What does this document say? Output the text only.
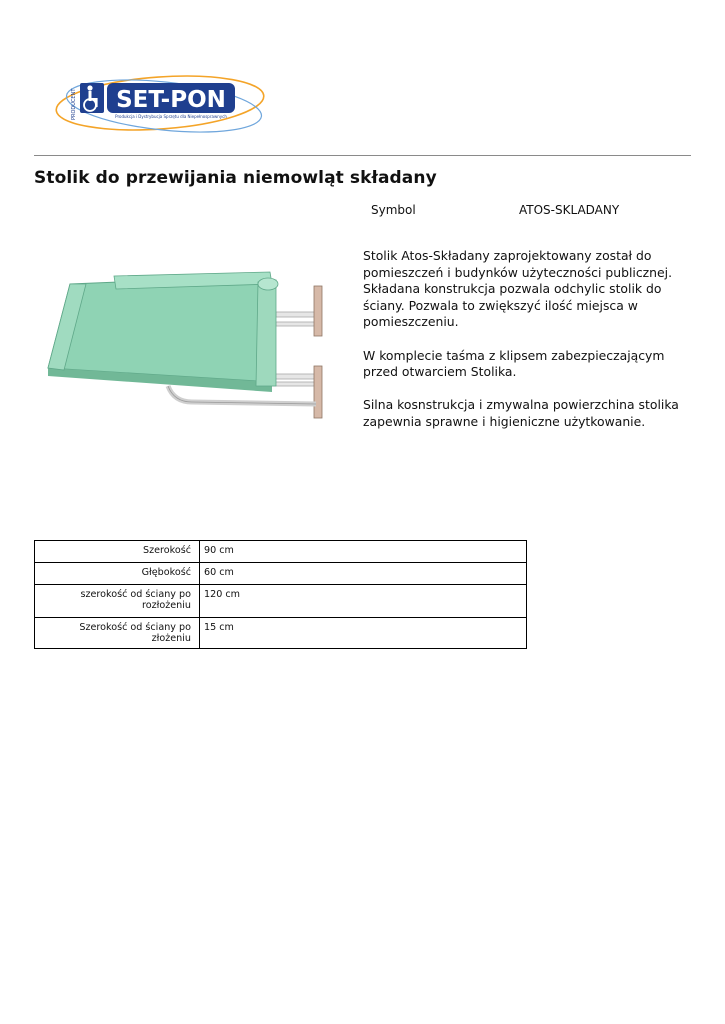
PRODUCENT SET-PON
Produkcja i Dystrybucja Sprzętu dla Niepełnosprawnych
Stolik do przewijania niemowląt składany
Symbol	ATOS-SKLADANY

Stolik Atos-Składany zaprojektowany został do pomieszczeń i budynków użyteczności publicznej. Składana konstrukcja pozwala odchylic stolik do ściany. Pozwala to zwiększyć ilość miejsca w pomieszczeniu.

W komplecie taśma z klipsem zabezpieczającym przed otwarciem Stolika.

Silna kosnstrukcja i zmywalna powierzchina stolika zapewnia sprawne i higieniczne użytkowanie.

Szerokość	90 cm
Głębokość	60 cm
szerokość od ściany po rozłożeniu	120 cm
Szerokość od ściany po złożeniu	15 cm
